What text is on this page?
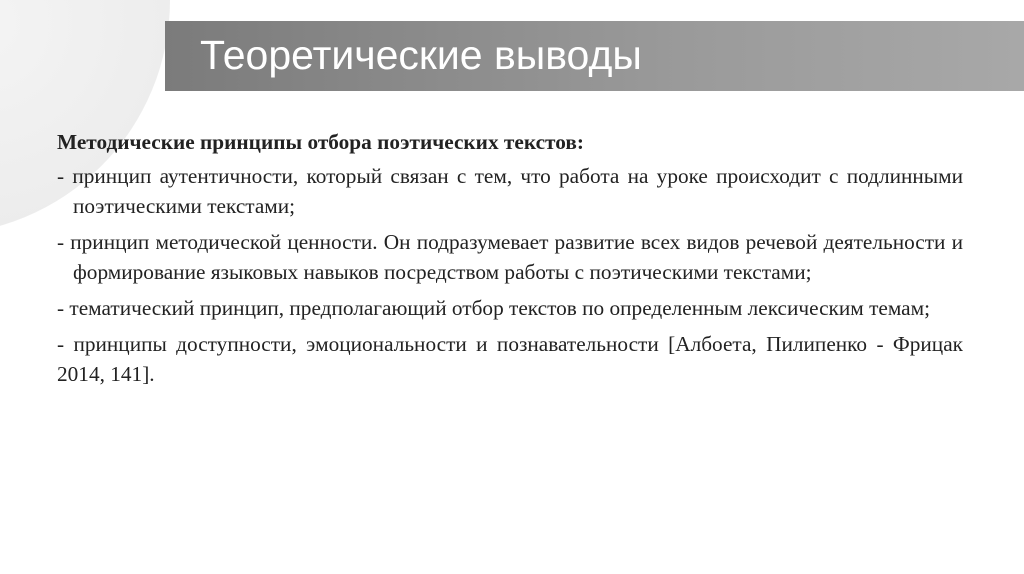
Теоретические выводы
Методические принципы отбора поэтических текстов:
- принцип аутентичности, который связан с тем, что работа на уроке происходит с подлинными поэтическими текстами;
- принцип методической ценности. Он подразумевает развитие всех видов речевой деятельности и формирование языковых навыков посредством работы с поэтическими текстами;
- тематический принцип, предполагающий отбор текстов по определенным лексическим темам;
- принципы доступности, эмоциональности и познавательности [Албоета, Пилипенко - Фрицак 2014, 141].
